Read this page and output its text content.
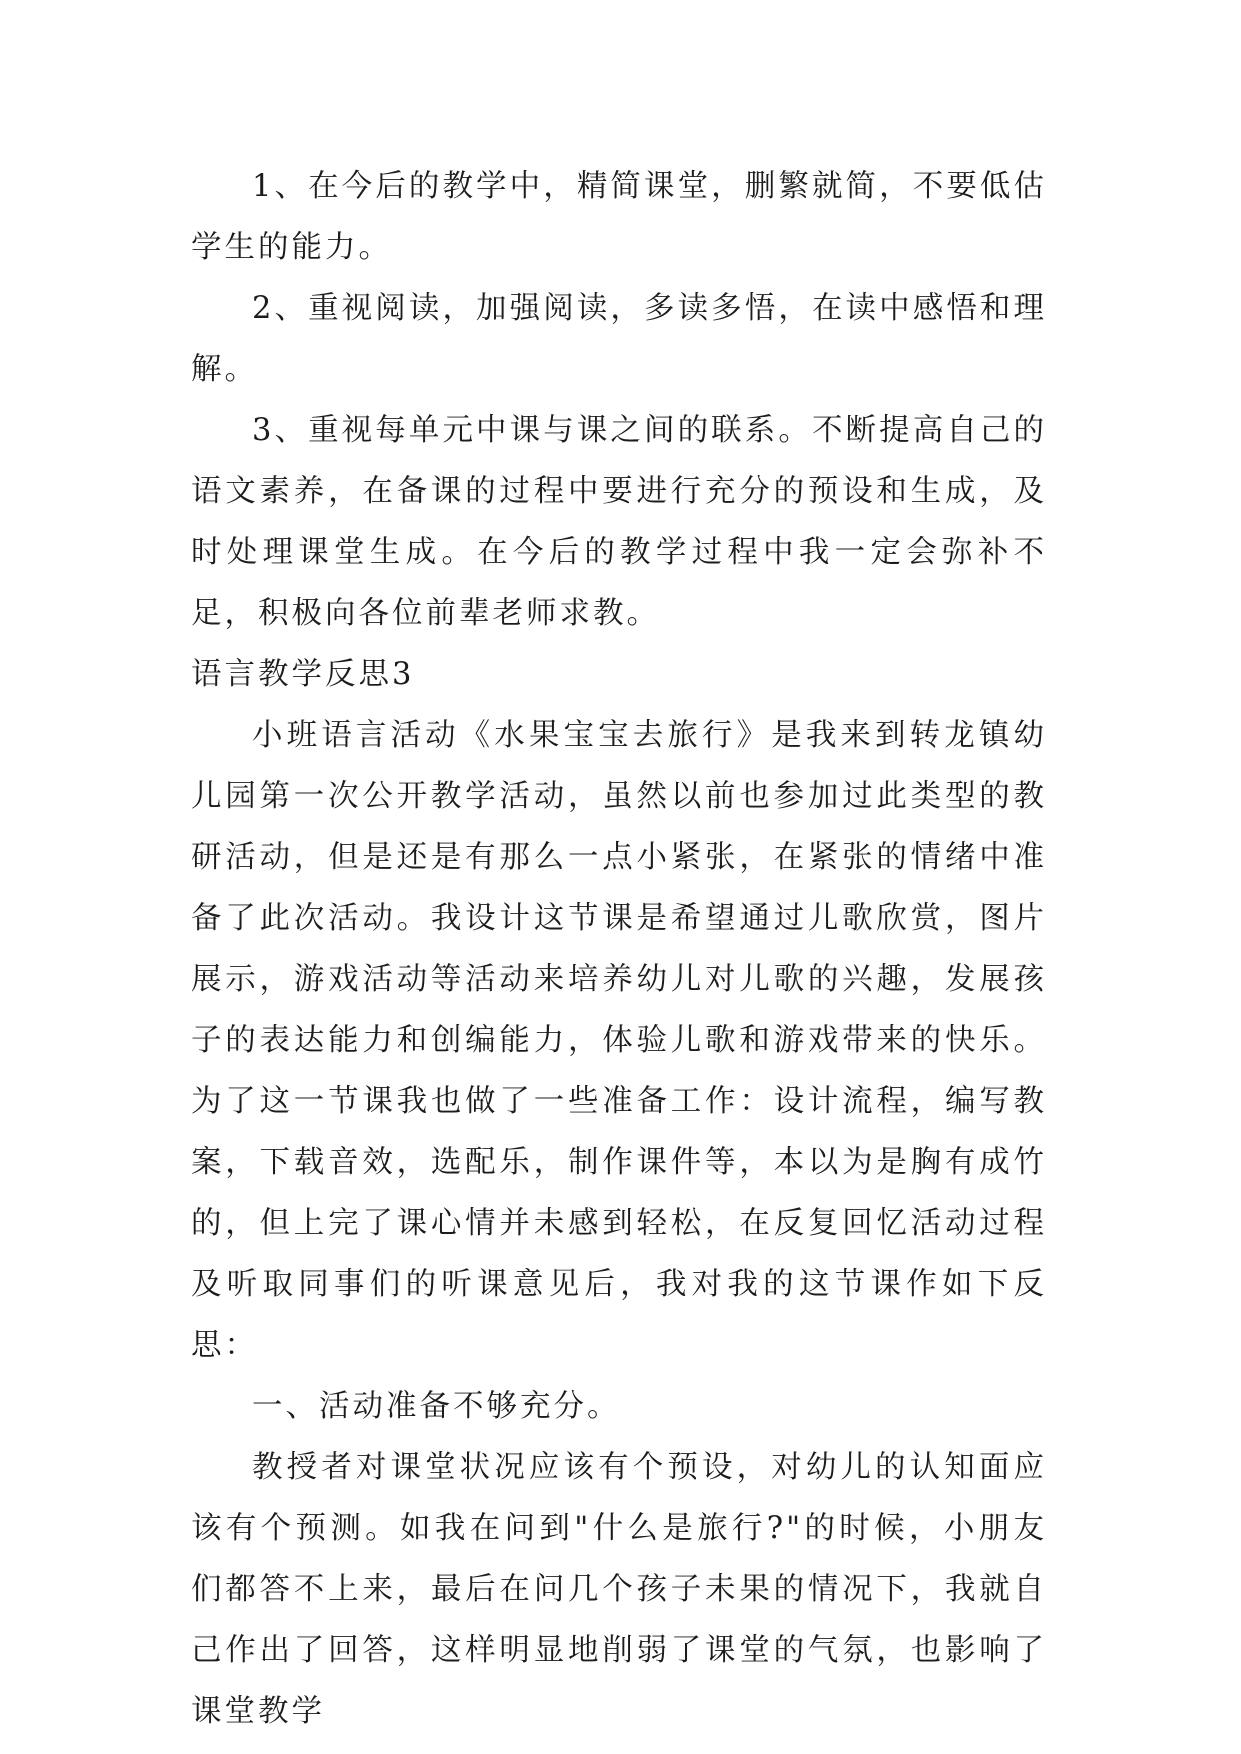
1、在今后的教学中，精简课堂，删繁就简，不要低估学生的能力。

2、重视阅读，加强阅读，多读多悟，在读中感悟和理解。

3、重视每单元中课与课之间的联系。不断提高自己的语文素养，在备课的过程中要进行充分的预设和生成，及时处理课堂生成。在今后的教学过程中我一定会弥补不足，积极向各位前辈老师求教。

语言教学反思3

小班语言活动《水果宝宝去旅行》是我来到转龙镇幼儿园第一次公开教学活动，虽然以前也参加过此类型的教研活动，但是还是有那么一点小紧张，在紧张的情绪中准备了此次活动。我设计这节课是希望通过儿歌欣赏，图片展示，游戏活动等活动来培养幼儿对儿歌的兴趣，发展孩子的表达能力和创编能力，体验儿歌和游戏带来的快乐。为了这一节课我也做了一些准备工作：设计流程，编写教案，下载音效，选配乐，制作课件等，本以为是胸有成竹的，但上完了课心情并未感到轻松，在反复回忆活动过程及听取同事们的听课意见后，我对我的这节课作如下反思：

一、活动准备不够充分。

教授者对课堂状况应该有个预设，对幼儿的认知面应该有个预测。如我在问到"什么是旅行?"的时候，小朋友们都答不上来，最后在问几个孩子未果的情况下，我就自己作出了回答，这样明显地削弱了课堂的气氛，也影响了课堂教学
